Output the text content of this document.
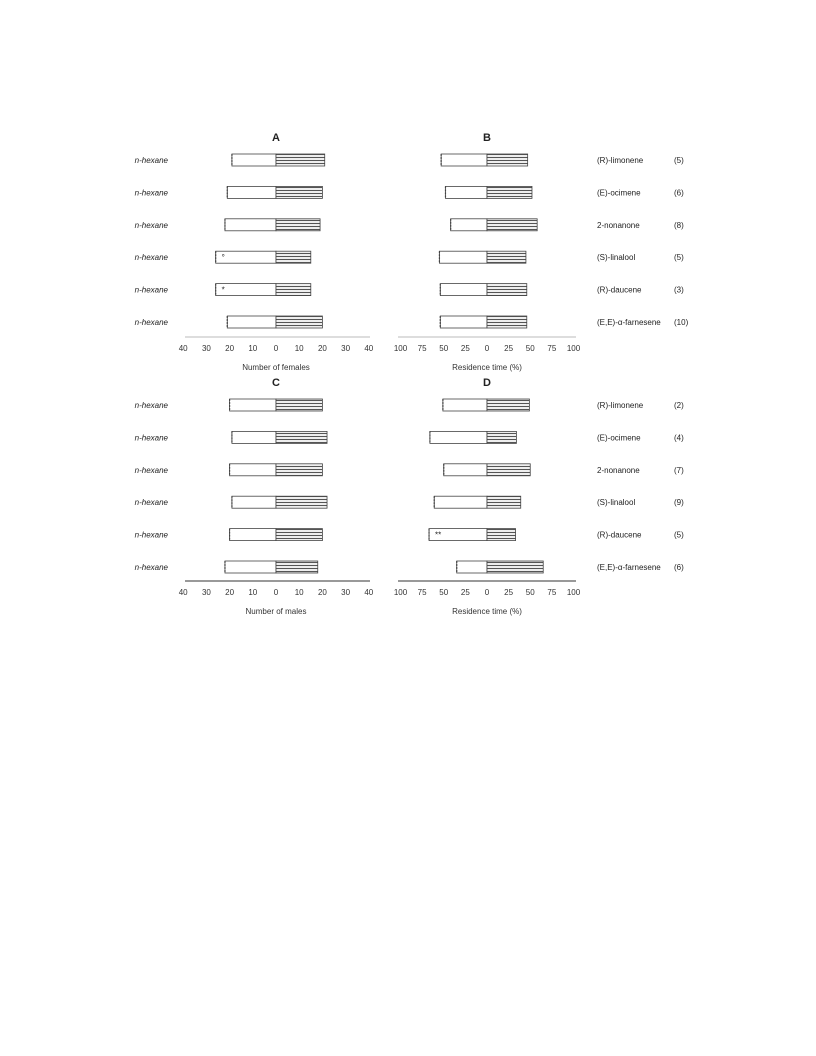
A
°
*
40 30 20 10 0 10 20 30 40
Number of females
B
100 75 50 25 0 25 50 75 100
Residence time (%)
C
40 30 20 10 0 10 20 30 40
Number of males
D
**
100 75 50 25 0 25 50 75 100
Residence time (%)
n-hexane
n-hexane
n-hexane
n-hexane
n-hexane
n-hexane
n-hexane
n-hexane
n-hexane
n-hexane
n-hexane
n-hexane
(R)-limonene	(5)
(E)-ocimene	(6)
2-nonanone	(8)
(S)-linalool	(5)
(R)-daucene	(3)
(E,E)-α-farnesene (10)
(R)-limonene	(2)
(E)-ocimene	(4)
2-nonanone	(7)
(S)-linalool	(9)
(R)-daucene	(5)
(E,E)-α-farnesene (6)
